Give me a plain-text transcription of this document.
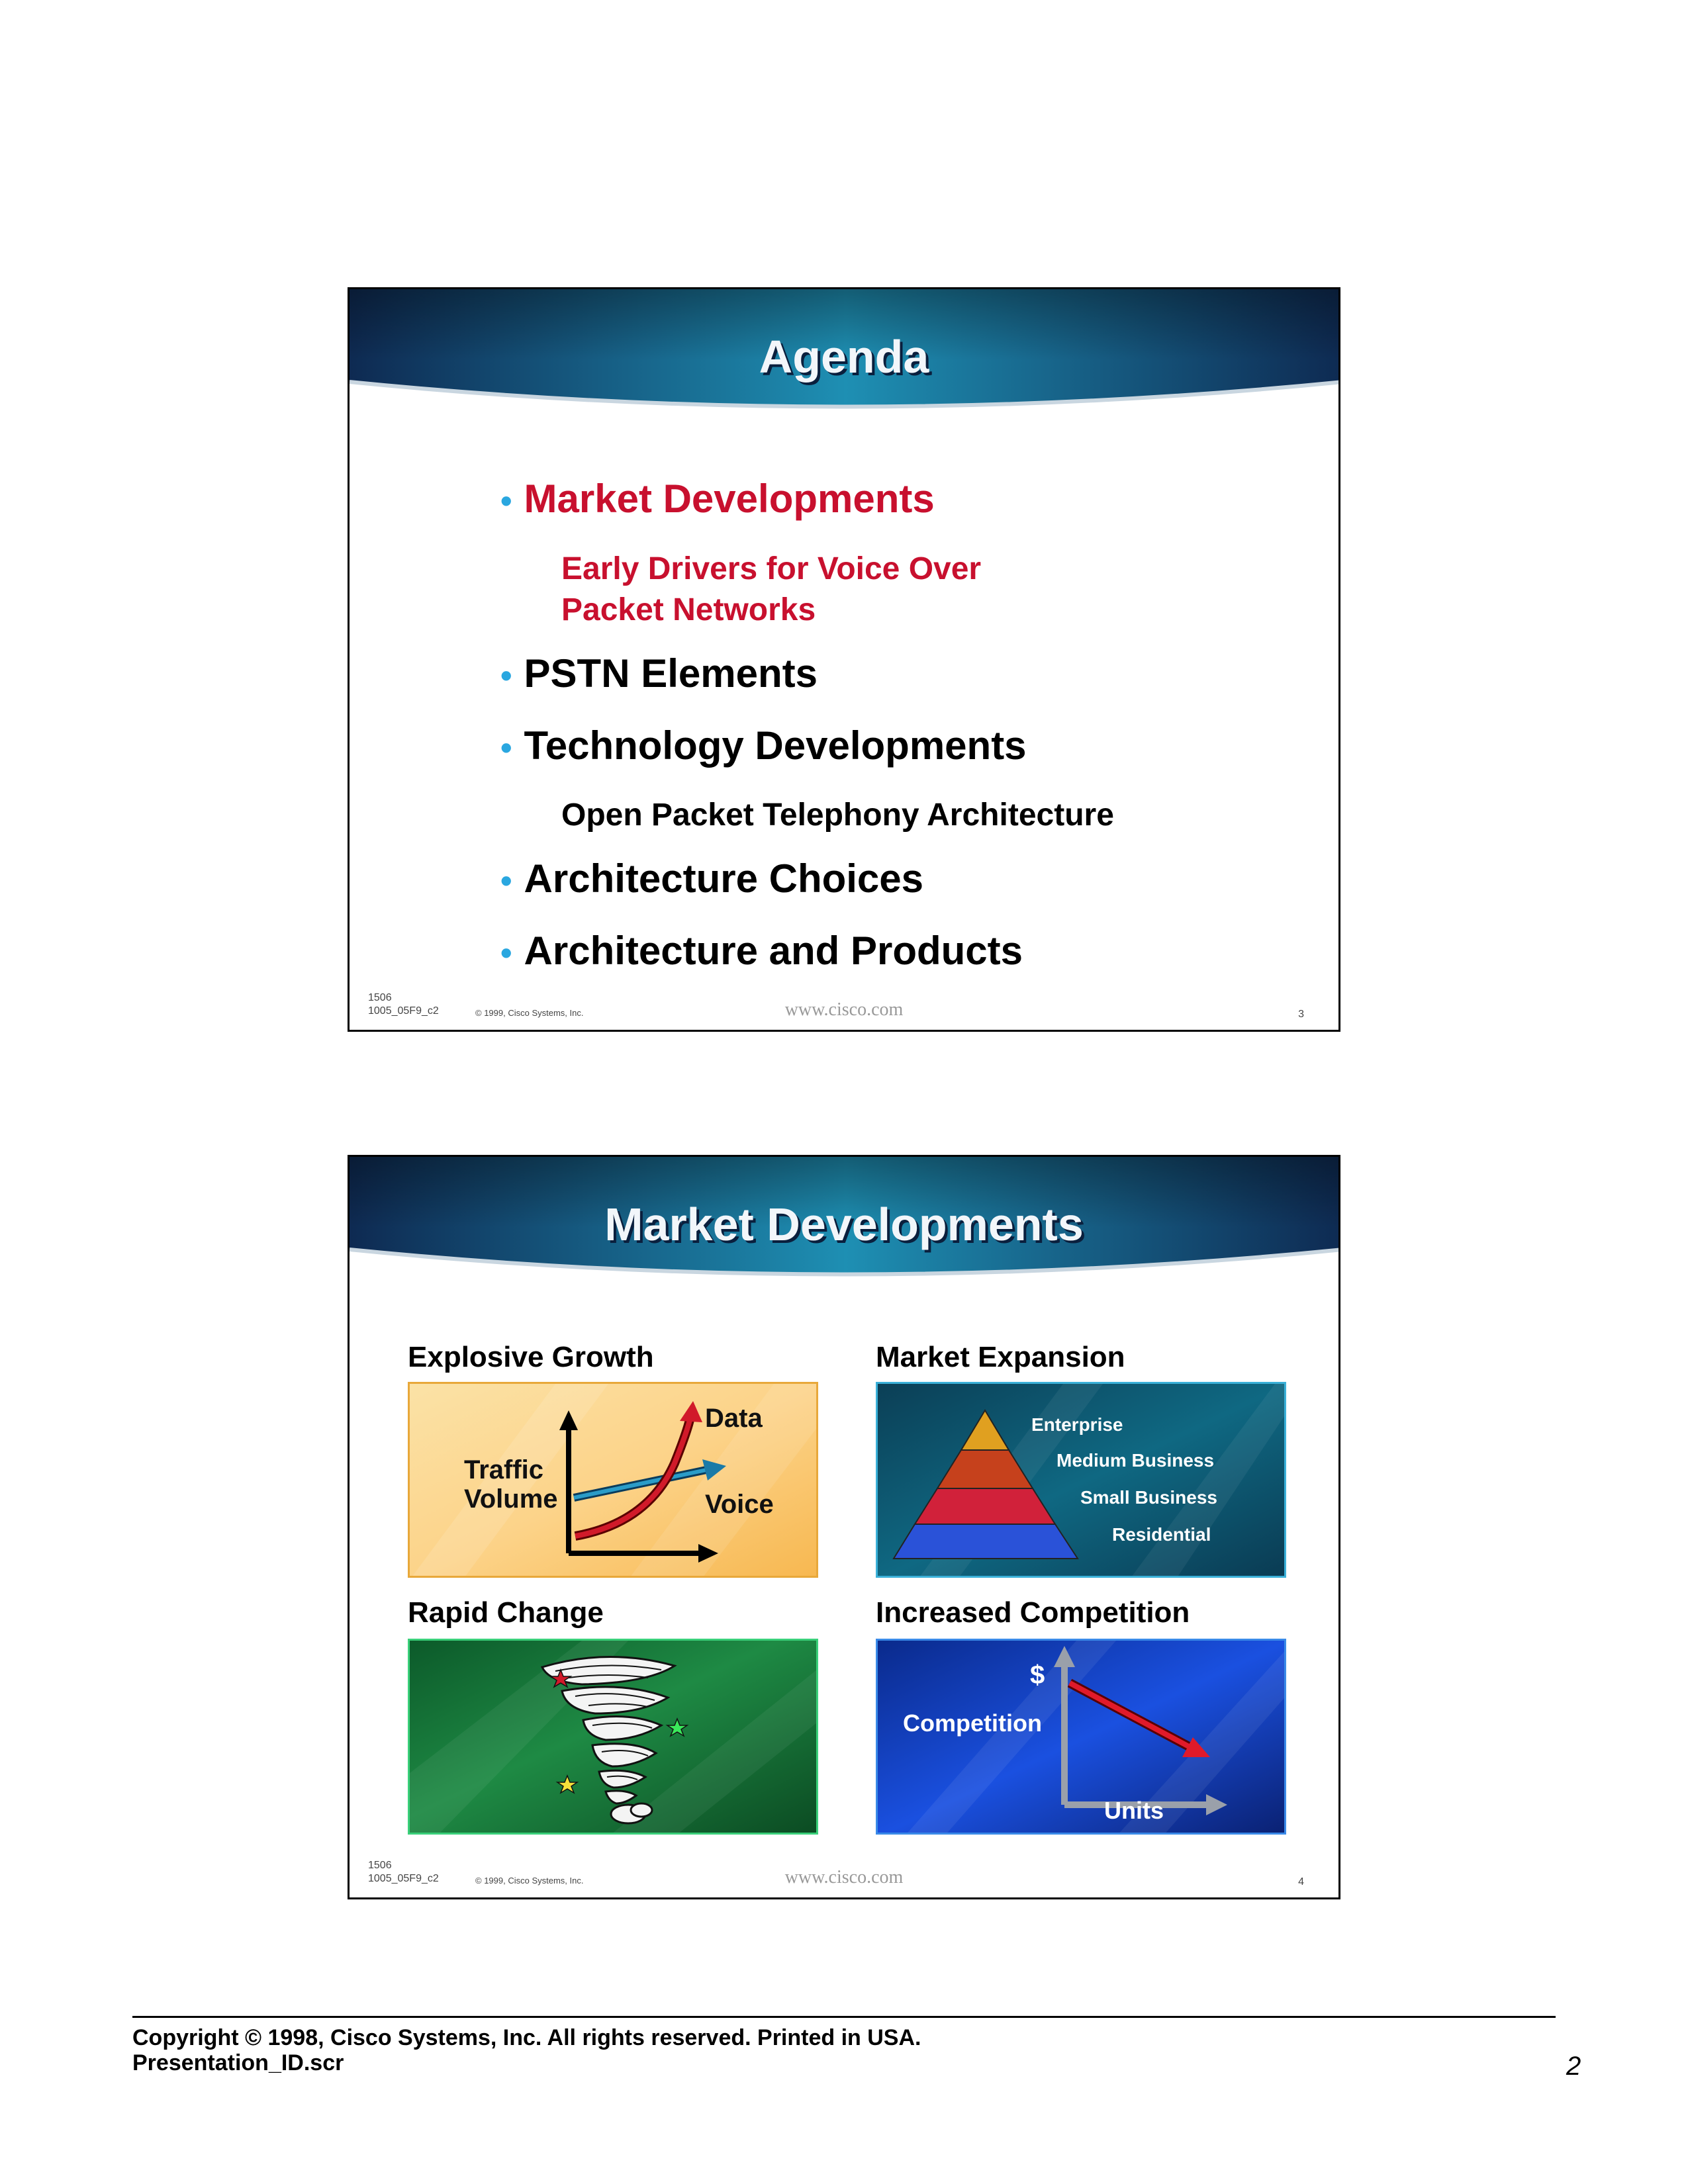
Agenda
• Market Developments
Early Drivers for Voice Over
Packet Networks
• PSTN Elements
• Technology Developments
Open Packet Telephony Architecture
• Architecture Choices
• Architecture and Products
1506
1005_05F9_c2	© 1999, Cisco Systems, Inc.	www.cisco.com	3
Market Developments
Explosive Growth
Traffic
Volume
Data
Voice
Market Expansion
Enterprise
Medium Business
Small Business
Residential
Rapid Change	Increased Competition
$
Competition
Units
1506
1005_05F9_c2	© 1999, Cisco Systems, Inc.	www.cisco.com	4
Copyright © 1998, Cisco Systems, Inc. All rights reserved. Printed in USA.
Presentation_ID.scr	2
